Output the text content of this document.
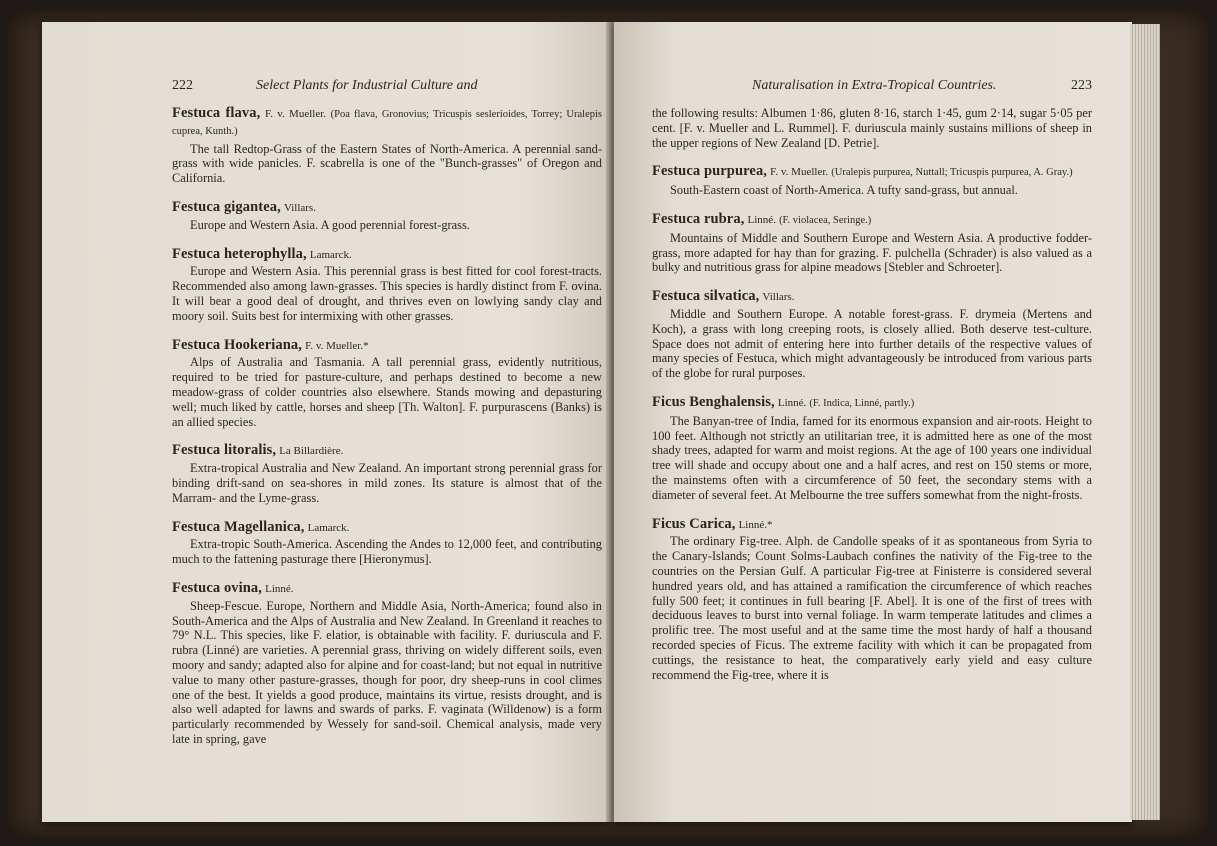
222	Select Plants for Industrial Culture and
Festuca flava, F. v. Mueller. (Poa flava, Gronovius; Tricuspis seslerioides, Torrey; Uralepis cuprea, Kunth.)

The tall Redtop-Grass of the Eastern States of North-America. A perennial sand-grass with wide panicles. F. scabrella is one of the "Bunch-grasses" of Oregon and California.

Festuca gigantea, Villars.

Europe and Western Asia. A good perennial forest-grass.

Festuca heterophylla, Lamarck.

Europe and Western Asia. This perennial grass is best fitted for cool forest-tracts. Recommended also among lawn-grasses. This species is hardly distinct from F. ovina. It will bear a good deal of drought, and thrives even on lowlying sandy clay and moory soil. Suits best for intermixing with other grasses.

Festuca Hookeriana, F. v. Mueller.*

Alps of Australia and Tasmania. A tall perennial grass, evidently nutritious, required to be tried for pasture-culture, and perhaps destined to become a new meadow-grass of colder countries also elsewhere. Stands mowing and depasturing well; much liked by cattle, horses and sheep [Th. Walton]. F. purpurascens (Banks) is an allied species.

Festuca litoralis, La Billardière.

Extra-tropical Australia and New Zealand. An important strong perennial grass for binding drift-sand on sea-shores in mild zones. Its stature is almost that of the Marram- and the Lyme-grass.

Festuca Magellanica, Lamarck.

Extra-tropic South-America. Ascending the Andes to 12,000 feet, and contributing much to the fattening pasturage there [Hieronymus].

Festuca ovina, Linné.

Sheep-Fescue. Europe, Northern and Middle Asia, North-America; found also in South-America and the Alps of Australia and New Zealand. In Greenland it reaches to 79° N.L. This species, like F. elatior, is obtainable with facility. F. duriuscula and F. rubra (Linné) are varieties. A perennial grass, thriving on widely different soils, even moory and sandy; adapted also for alpine and for coast-land; but not equal in nutritive value to many other pasture-grasses, though for poor, dry sheep-runs in cool climes one of the best. It yields a good produce, maintains its virtue, resists drought, and is also well adapted for lawns and swards of parks. F. vaginata (Willdenow) is a form particularly recommended by Wessely for sand-soil. Chemical analysis, made very late in spring, gave

Naturalisation in Extra-Tropical Countries.	223

the following results: Albumen 1·86, gluten 8·16, starch 1·45, gum 2·14, sugar 5·05 per cent. [F. v. Mueller and L. Rummel]. F. duriuscula mainly sustains millions of sheep in the upper regions of New Zealand [D. Petrie].

Festuca purpurea, F. v. Mueller. (Uralepis purpurea, Nuttall; Tricuspis purpurea, A. Gray.)

South-Eastern coast of North-America. A tufty sand-grass, but annual.

Festuca rubra, Linné. (F. violacea, Seringe.)

Mountains of Middle and Southern Europe and Western Asia. A productive fodder-grass, more adapted for hay than for grazing. F. pulchella (Schrader) is also valued as a bulky and nutritious grass for alpine meadows [Stebler and Schroeter].

Festuca silvatica, Villars.

Middle and Southern Europe. A notable forest-grass. F. drymeia (Mertens and Koch), a grass with long creeping roots, is closely allied. Both deserve test-culture. Space does not admit of entering here into further details of the respective values of many species of Festuca, which might advantageously be introduced from various parts of the globe for rural purposes.

Ficus Benghalensis, Linné. (F. Indica, Linné, partly.)

The Banyan-tree of India, famed for its enormous expansion and air-roots. Height to 100 feet. Although not strictly an utilitarian tree, it is admitted here as one of the most shady trees, adapted for warm and moist regions. At the age of 100 years one individual tree will shade and occupy about one and a half acres, and rest on 150 stems or more, the mainstems often with a circumference of 50 feet, the secondary stems with a diameter of several feet. At Melbourne the tree suffers somewhat from the night-frosts.

Ficus Carica, Linné.*

The ordinary Fig-tree. Alph. de Candolle speaks of it as spontaneous from Syria to the Canary-Islands; Count Solms-Laubach confines the nativity of the Fig-tree to the countries on the Persian Gulf. A particular Fig-tree at Finisterre is considered several hundred years old, and has attained a ramification the circumference of which reaches fully 500 feet; it continues in full bearing [F. Abel]. It is one of the first of trees with deciduous leaves to burst into vernal foliage. In warm temperate latitudes and climes a prolific tree. The most useful and at the same time the most hardy of half a thousand recorded species of Ficus. The extreme facility with which it can be propagated from cuttings, the resistance to heat, the comparatively early yield and easy culture recommend the Fig-tree, where it is
